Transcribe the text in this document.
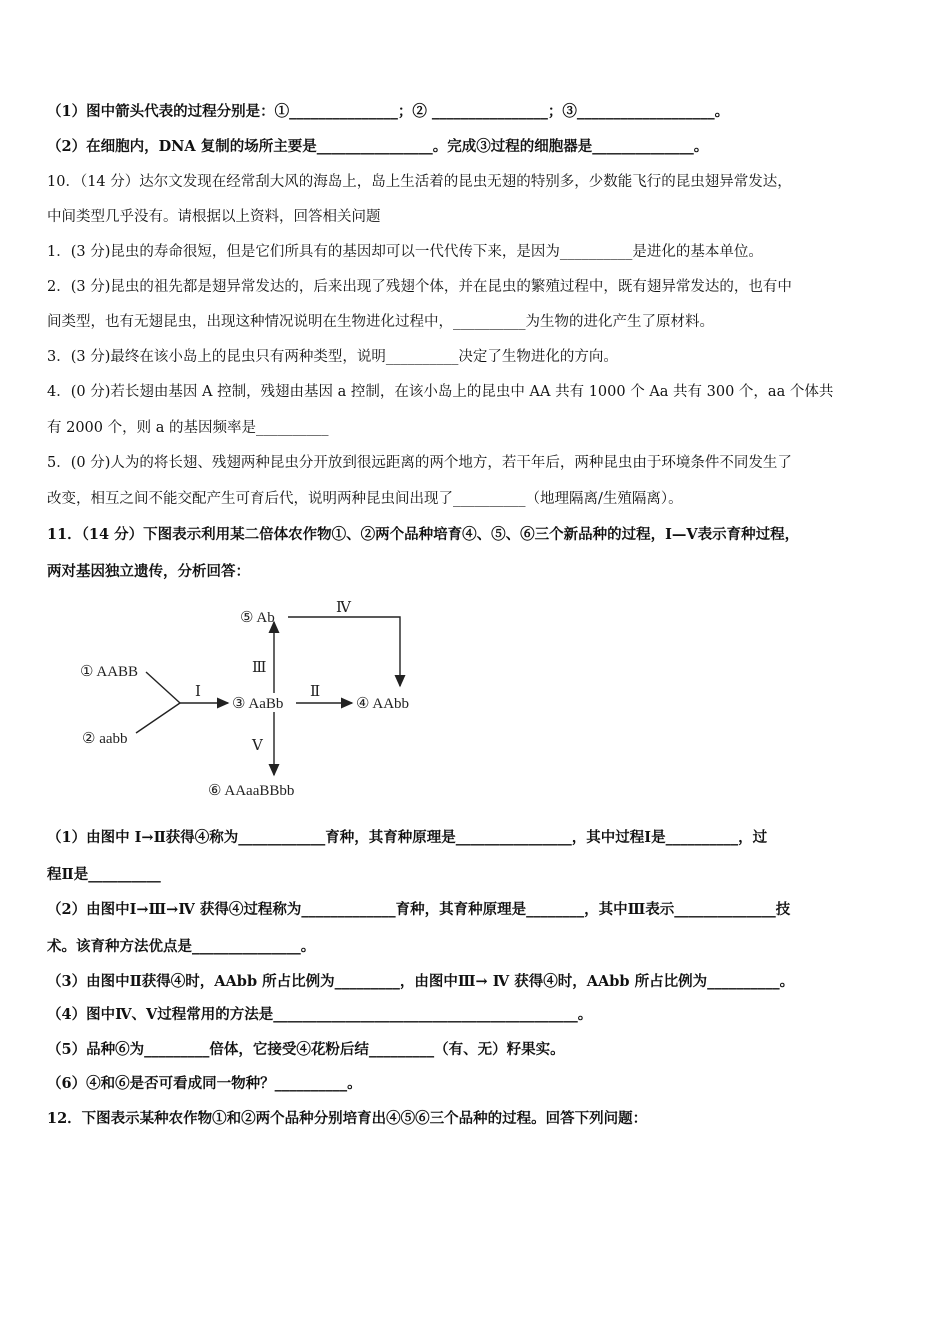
（1）图中箭头代表的过程分别是：①_______________；② ________________；③___________________。
（2）在细胞内，DNA 复制的场所主要是________________。完成③过程的细胞器是______________。
10．（14 分）达尔文发现在经常刮大风的海岛上，岛上生活着的昆虫无翅的特别多，少数能飞行的昆虫翅异常发达，
中间类型几乎没有。请根据以上资料，回答相关问题
1．(3 分)昆虫的寿命很短，但是它们所具有的基因却可以一代代传下来，是因为__________是进化的基本单位。
2．(3 分)昆虫的祖先都是翅异常发达的，后来出现了残翅个体，并在昆虫的繁殖过程中，既有翅异常发达的，也有中
间类型，也有无翅昆虫，出现这种情况说明在生物进化过程中，__________为生物的进化产生了原材料。
3．(3 分)最终在该小岛上的昆虫只有两种类型，说明__________决定了生物进化的方向。
4．(0 分)若长翅由基因 A 控制，残翅由基因 a 控制，在该小岛上的昆虫中 AA 共有 1000 个 Aa 共有 300 个，aa 个体共
有 2000 个，则 a 的基因频率是__________
5．(0 分)人为的将长翅、残翅两种昆虫分开放到很远距离的两个地方，若干年后，两种昆虫由于环境条件不同发生了
改变，相互之间不能交配产生可育后代，说明两种昆虫间出现了__________（地理隔离/生殖隔离）。
11．（14 分）下图表示利用某二倍体农作物①、②两个品种培育④、⑤、⑥三个新品种的过程，Ⅰ—Ⅴ表示育种过程，
两对基因独立遗传，分析回答：
① AABB
② aabb
③ AaBb	④ AAbb
⑤ Ab
⑥ AAaaBBbb
Ⅰ	Ⅱ
Ⅲ
Ⅳ
Ⅴ
（1）由图中 Ⅰ→Ⅱ获得④称为____________育种，其育种原理是________________，其中过程Ⅰ是__________，过
程Ⅱ是__________
（2）由图中Ⅰ→Ⅲ→Ⅳ 获得④过程称为_____________育种，其育种原理是________，其中Ⅲ表示______________技
术。该育种方法优点是_______________。
（3）由图中Ⅱ获得④时，AAbb 所占比例为_________，由图中Ⅲ→ Ⅳ 获得④时，AAbb 所占比例为__________。
（4）图中Ⅳ、Ⅴ过程常用的方法是__________________________________________。
（5）品种⑥为_________倍体，它接受④花粉后结_________（有、无）籽果实。
（6）④和⑥是否可看成同一物种？__________。
12．下图表示某种农作物①和②两个品种分别培育出④⑤⑥三个品种的过程。回答下列问题：
